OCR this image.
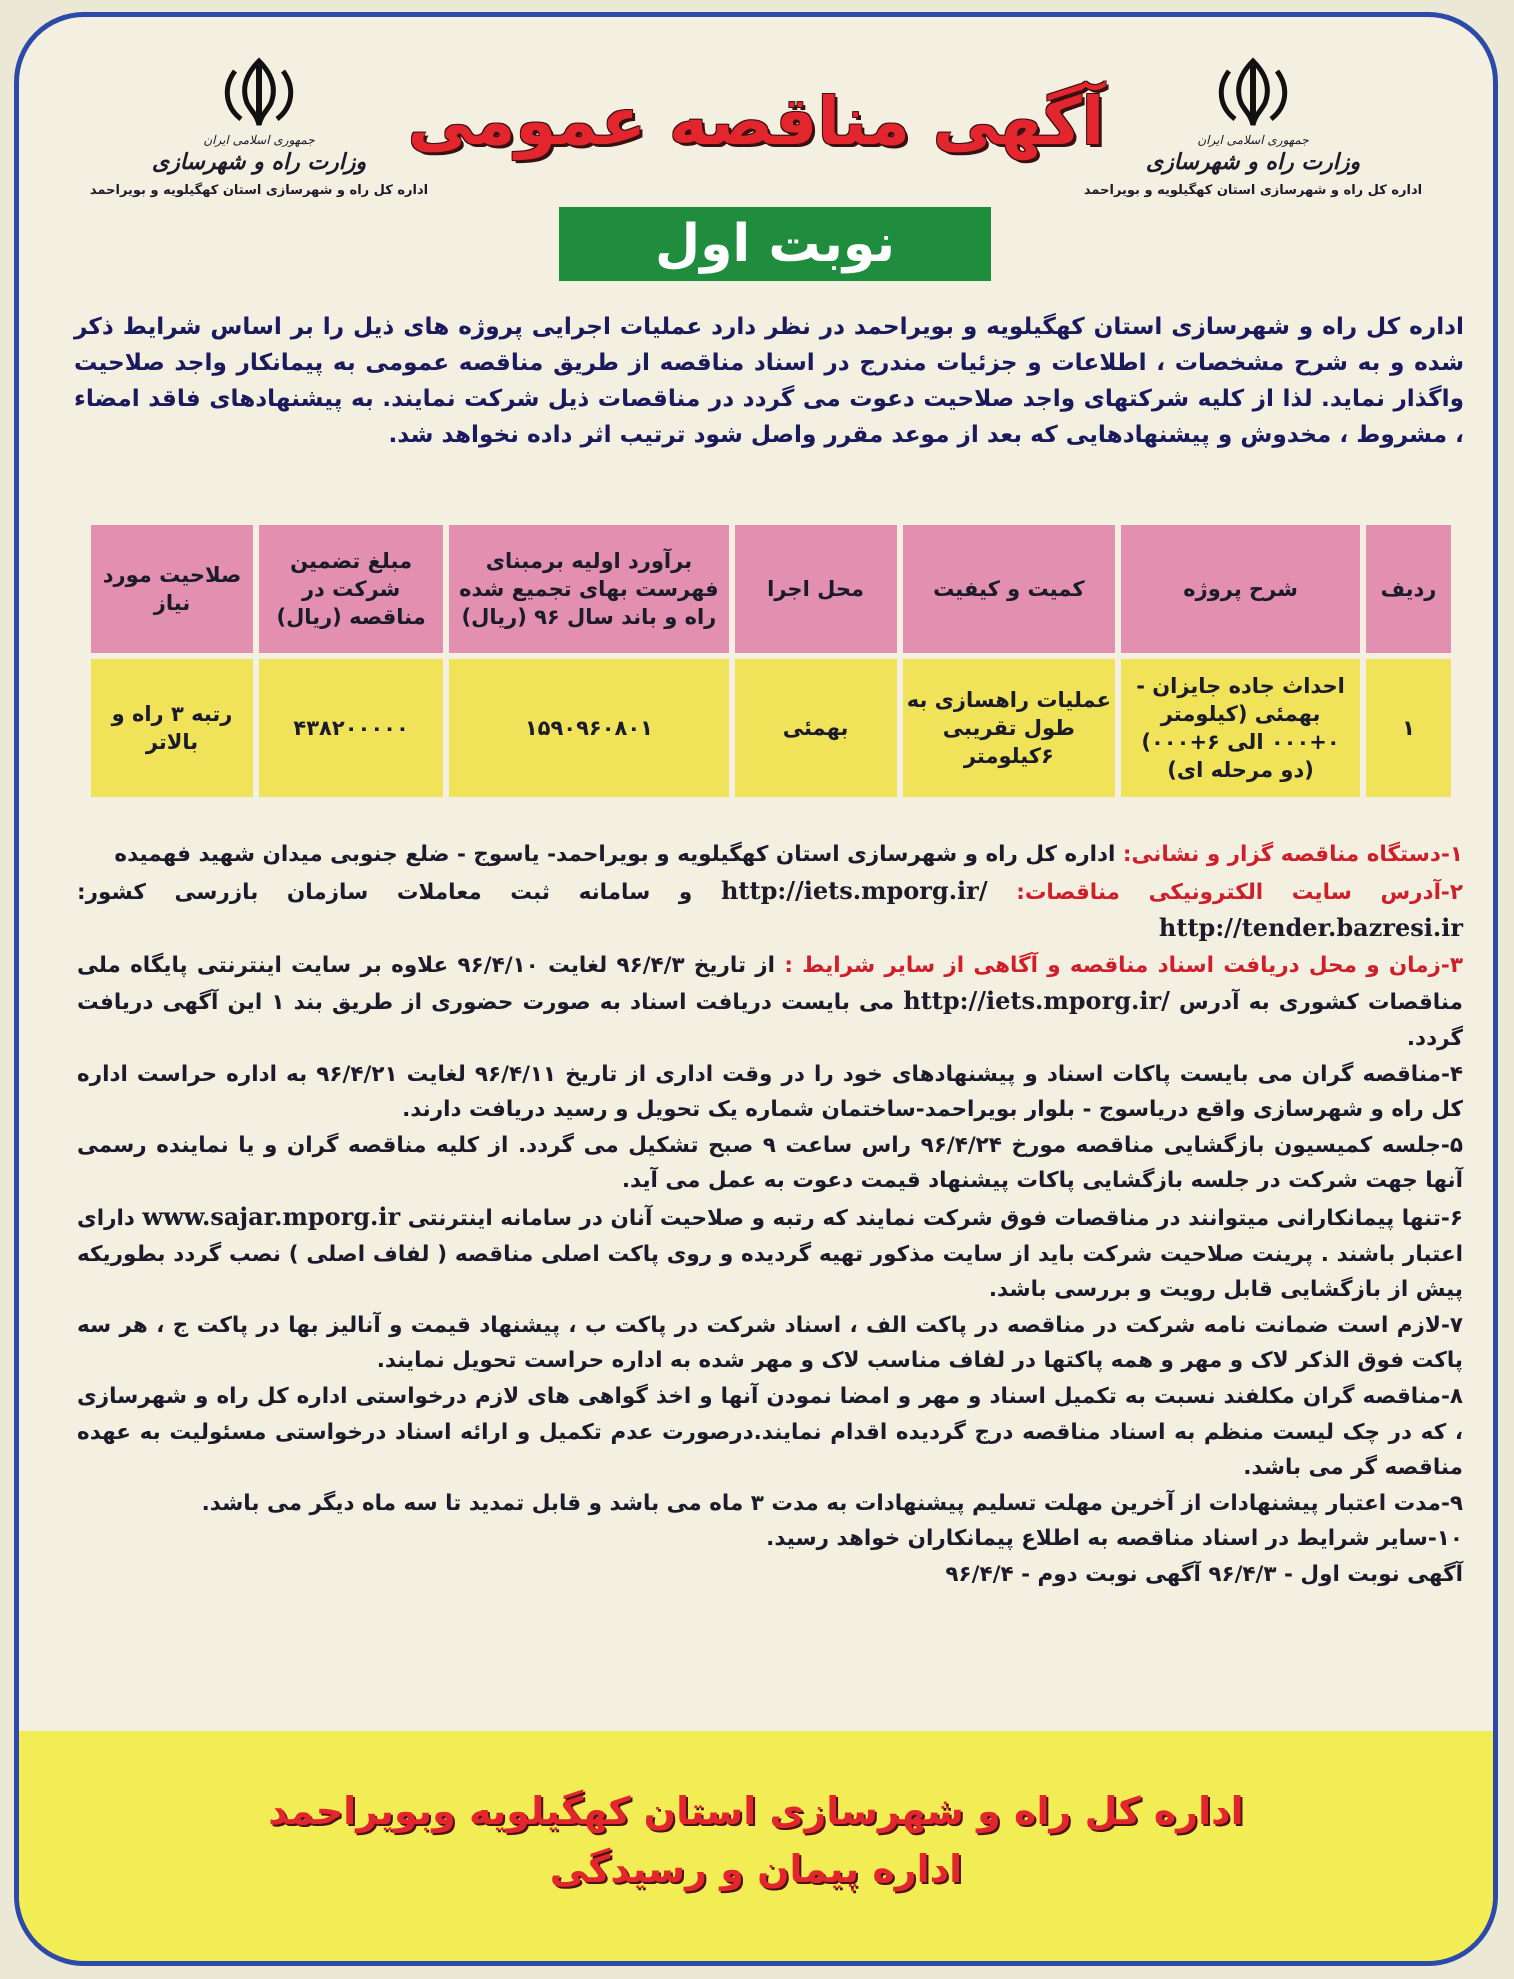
جمهوری اسلامی ایران
وزارت راه و شهرسازی
اداره کل راه و شهرسازی استان کهگیلویه و بویراحمد
جمهوری اسلامی ایران
وزارت راه و شهرسازی
اداره کل راه و شهرسازی استان کهگیلویه و بویراحمد
آگهی مناقصه عمومی
نوبت اول
اداره کل راه و شهرسازی استان کهگیلویه و بویراحمد در نظر دارد عملیات اجرایی پروژه های ذیل را بر اساس شرایط ذکر شده و به شرح مشخصات ، اطلاعات و جزئیات مندرج در اسناد مناقصه از طریق مناقصه عمومی به پیمانکار واجد صلاحیت واگذار نماید. لذا از کلیه شرکتهای واجد صلاحیت دعوت می گردد در مناقصات ذیل شرکت نمایند. به پیشنهادهای فاقد امضاء ، مشروط ، مخدوش و پیشنهادهایی که بعد از موعد مقرر واصل شود ترتیب اثر داده نخواهد شد.
ردیف	شرح پروژه	کمیت و کیفیت	محل اجرا	برآورد اولیه برمبنای فهرست بهای تجمیع شده راه و باند سال ۹۶ (ریال)	مبلغ تضمین شرکت در مناقصه (ریال)	صلاحیت مورد نیاز
۱	احداث جاده جایزان - بهمئی (کیلومتر ۰+۰۰۰ الی ۶+۰۰۰) (دو مرحله ای)	عملیات راهسازی به طول تقریبی ۶کیلومتر	بهمئی	۱۵۹۰۹۶۰۸۰۱	۴۳۸۲۰۰۰۰۰	رتبه ۳ راه و بالاتر

۱-دستگاه مناقصه گزار و نشانی: اداره کل راه و شهرسازی استان کهگیلویه و بویراحمد- یاسوج - ضلع جنوبی میدان شهید فهمیده

۲-آدرس سایت الکترونیکی مناقصات: http://iets.mporg.ir/ و سامانه ثبت معاملات سازمان بازرسی کشور: http://tender.bazresi.ir

۳-زمان و محل دریافت اسناد مناقصه و آگاهی از سایر شرایط : از تاریخ ۹۶/۴/۳ لغایت ۹۶/۴/۱۰ علاوه بر سایت اینترنتی پایگاه ملی مناقصات کشوری به آدرس http://iets.mporg.ir/ می بایست دریافت اسناد به صورت حضوری از طریق بند ۱ این آگهی دریافت گردد.

۴-مناقصه گران می بایست پاکات اسناد و پیشنهادهای خود را در وقت اداری از تاریخ ۹۶/۴/۱۱ لغایت ۹۶/۴/۲۱ به اداره حراست اداره کل راه و شهرسازی واقع دریاسوج - بلوار بویراحمد-ساختمان شماره یک تحویل و رسید دریافت دارند.

۵-جلسه کمیسیون بازگشایی مناقصه مورخ ۹۶/۴/۲۴ راس ساعت ۹ صبح تشکیل می گردد. از کلیه مناقصه گران و یا نماینده رسمی آنها جهت شرکت در جلسه بازگشایی پاکات پیشنهاد قیمت دعوت به عمل می آید.

۶-تنها پیمانکارانی میتوانند در مناقصات فوق شرکت نمایند که رتبه و صلاحیت آنان در سامانه اینترنتی www.sajar.mporg.ir دارای اعتبار باشند . پرینت صلاحیت شرکت باید از سایت مذکور تهیه گردیده و روی پاکت اصلی مناقصه ( لفاف اصلی ) نصب گردد بطوریکه پیش از بازگشایی قابل رویت و بررسی باشد.

۷-لازم است ضمانت نامه شرکت در مناقصه در پاکت الف ، اسناد شرکت در پاکت ب ، پیشنهاد قیمت و آنالیز بها در پاکت ج ، هر سه پاکت فوق الذکر لاک و مهر و همه پاکتها در لفاف مناسب لاک و مهر شده به اداره حراست تحویل نمایند.

۸-مناقصه گران مکلفند نسبت به تکمیل اسناد و مهر و امضا نمودن آنها و اخذ گواهی های لازم درخواستی اداره کل راه و شهرسازی ، که در چک لیست منظم به اسناد مناقصه درج گردیده اقدام نمایند.درصورت عدم تکمیل و ارائه اسناد درخواستی مسئولیت به عهده مناقصه گر می باشد.

۹-مدت اعتبار پیشنهادات از آخرین مهلت تسلیم پیشنهادات به مدت ۳ ماه می باشد و قابل تمدید تا سه ماه دیگر می باشد.

۱۰-سایر شرایط در اسناد مناقصه به اطلاع پیمانکاران خواهد رسید.

آگهی نوبت اول - ۹۶/۴/۳ آگهی نوبت دوم - ۹۶/۴/۴

اداره کل راه و شهرسازی استان کهگیلویه وبویراحمد
اداره پیمان و رسیدگی
